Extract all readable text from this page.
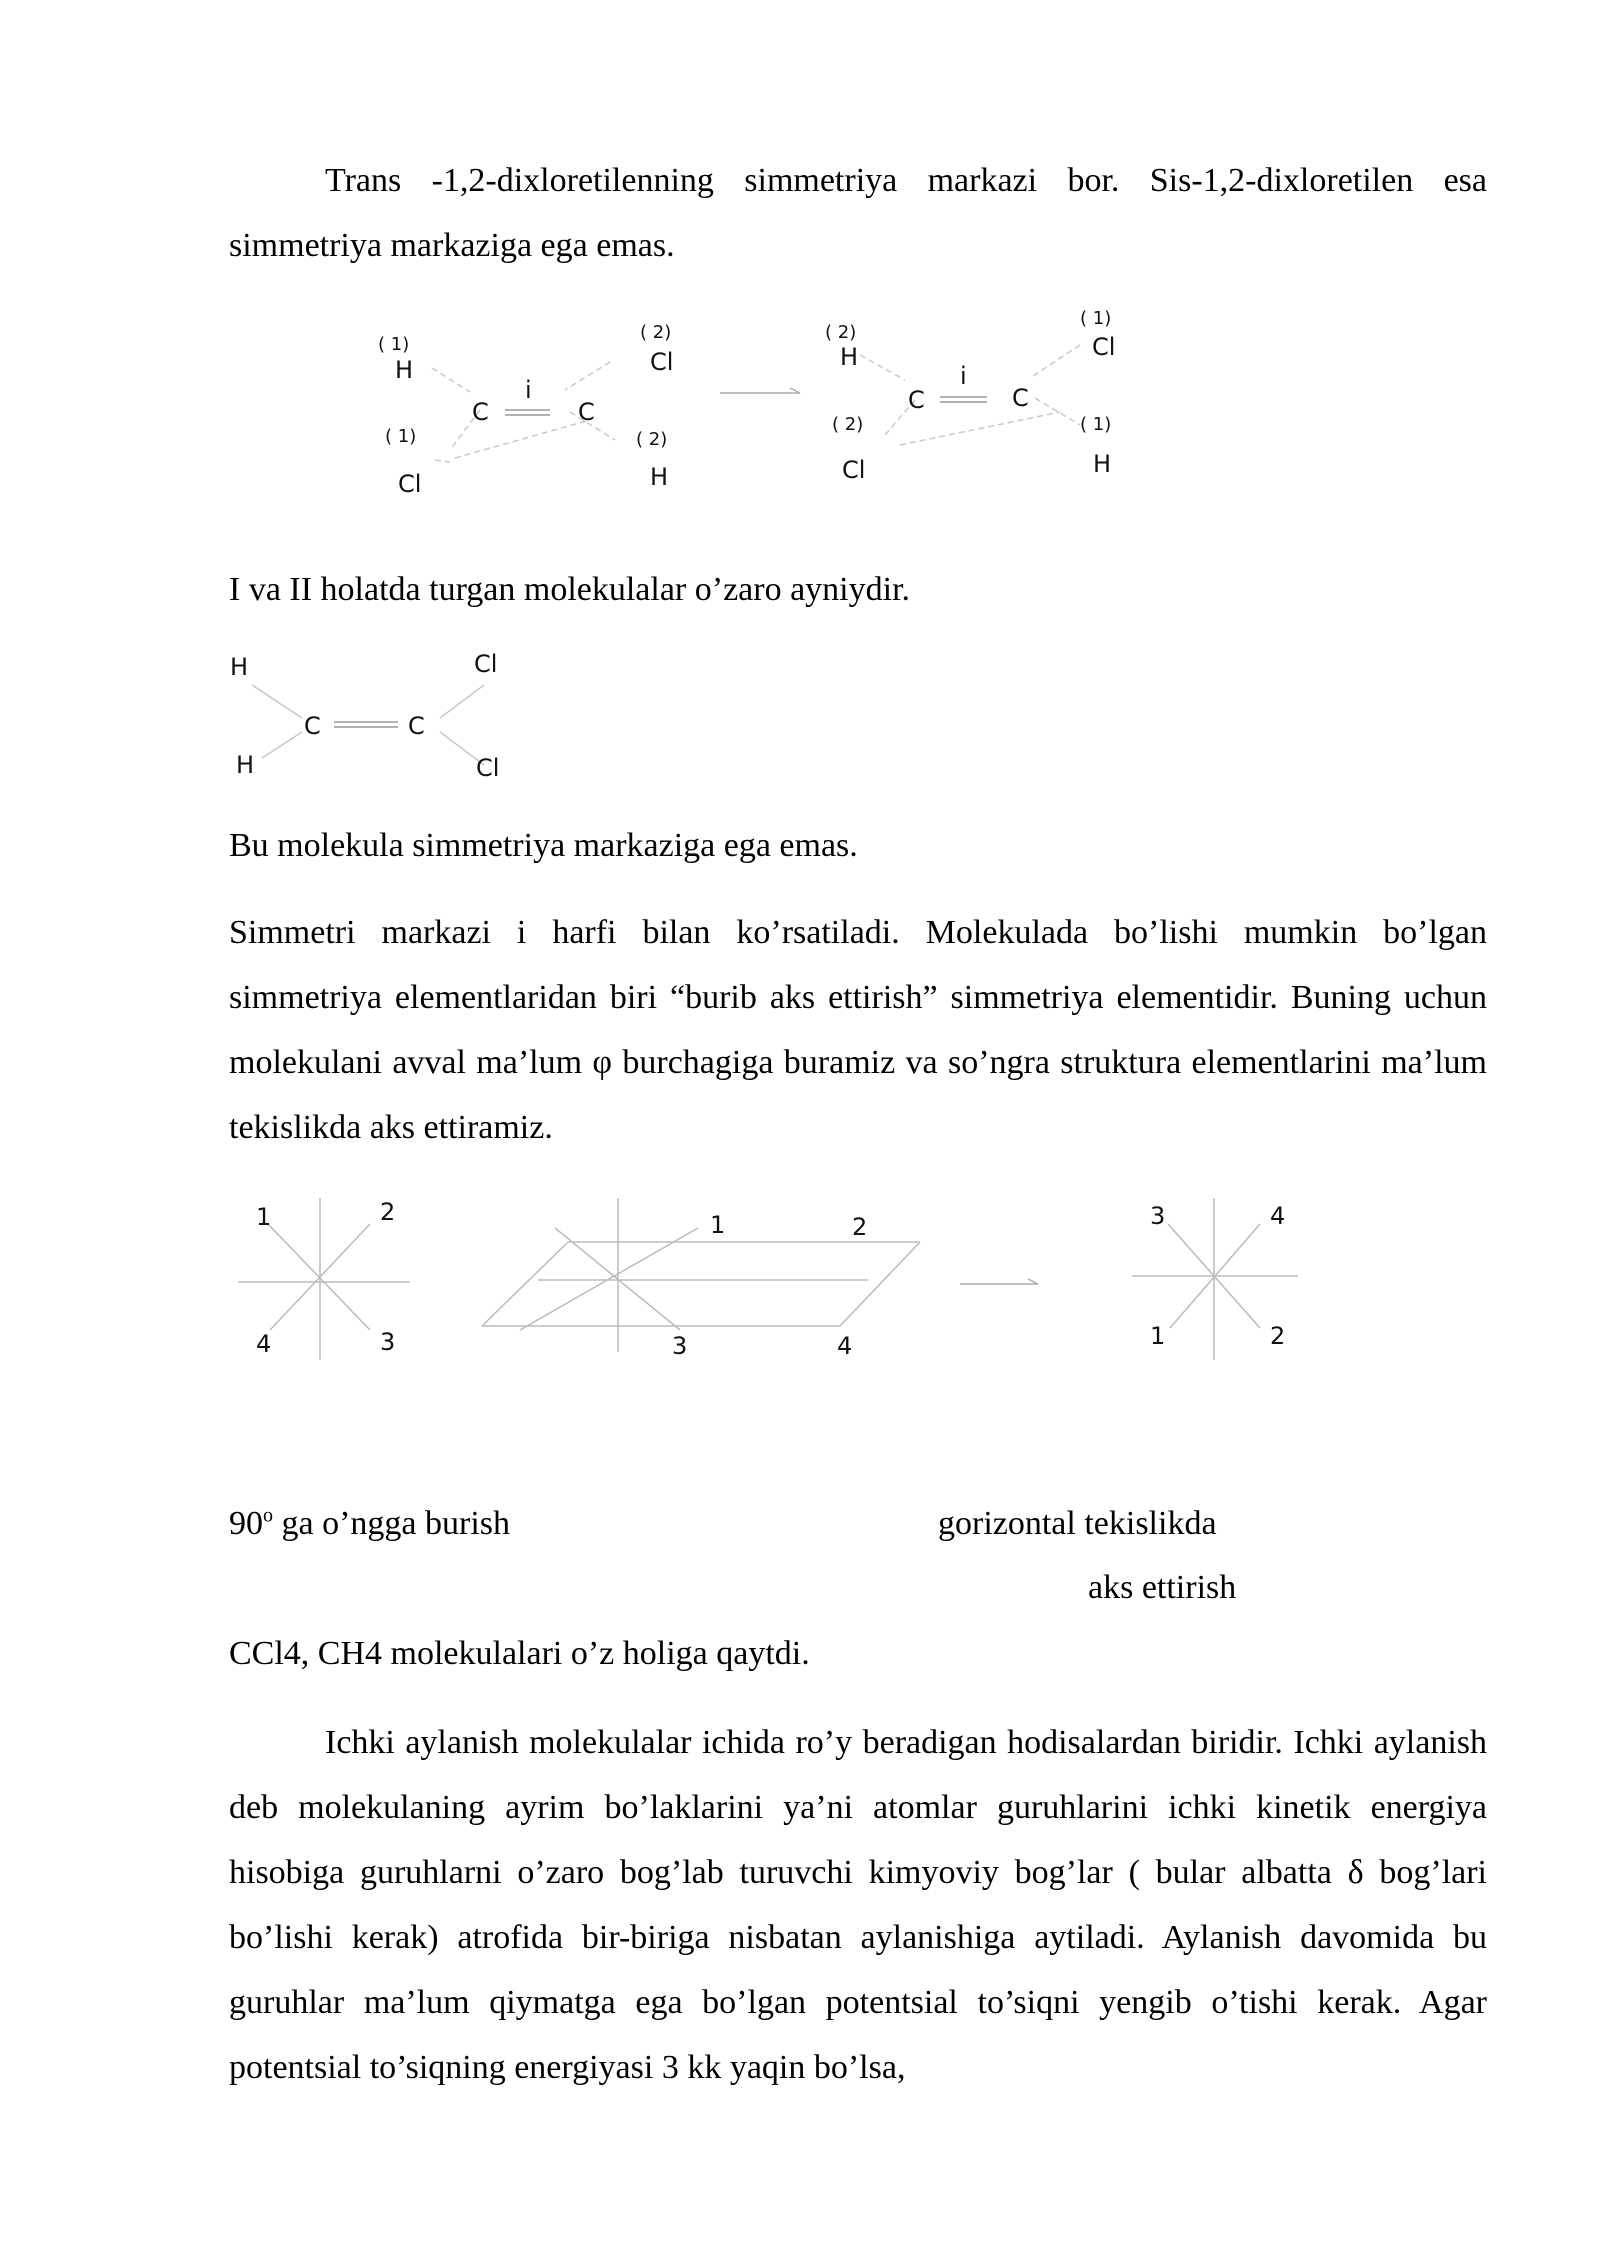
Trans -1,2-dixloretilenning simmetriya markazi bor. Sis-1,2-dixloretilen esa simmetriya markaziga ega emas.

( 1)
H
( 1)
Cl
C	C
i
( 2)
Cl
( 2)
H
( 2)
H
( 2)
Cl
C	C
i
( 1)
Cl
( 1)
H

I va II holatda turgan molekulalar o’zaro ayniydir.

H
H
C	C
Cl
Cl

Bu molekula simmetriya markaziga ega emas.

Simmetri markazi i harfi bilan ko’rsatiladi. Molekulada bo’lishi mumkin bo’lgan simmetriya elementlaridan biri “burib aks ettirish” simmetriya elementidir. Buning uchun molekulani avval ma’lum φ burchagiga buramiz va so’ngra struktura elementlarini ma’lum tekislikda aks ettiramiz.

1	2
3
4
1	2
3	4
3	4
2
1

90$^o$ ga o’ngga burish	gorizontal tekislikda

aks ettirish

CCl4, CH4 molekulalari o’z holiga qaytdi.

Ichki aylanish molekulalar ichida ro’y beradigan hodisalardan biridir. Ichki aylanish deb molekulaning ayrim bo’laklarini ya’ni atomlar guruhlarini ichki kinetik energiya hisobiga guruhlarni o’zaro bog’lab turuvchi kimyoviy bog’lar ( bular albatta δ bog’lari bo’lishi kerak) atrofida bir-biriga nisbatan aylanishiga aytiladi. Aylanish davomida bu guruhlar ma’lum qiymatga ega bo’lgan potentsial to’siqni yengib o’tishi kerak. Agar potentsial to’siqning energiyasi 3 kk yaqin bo’lsa,
